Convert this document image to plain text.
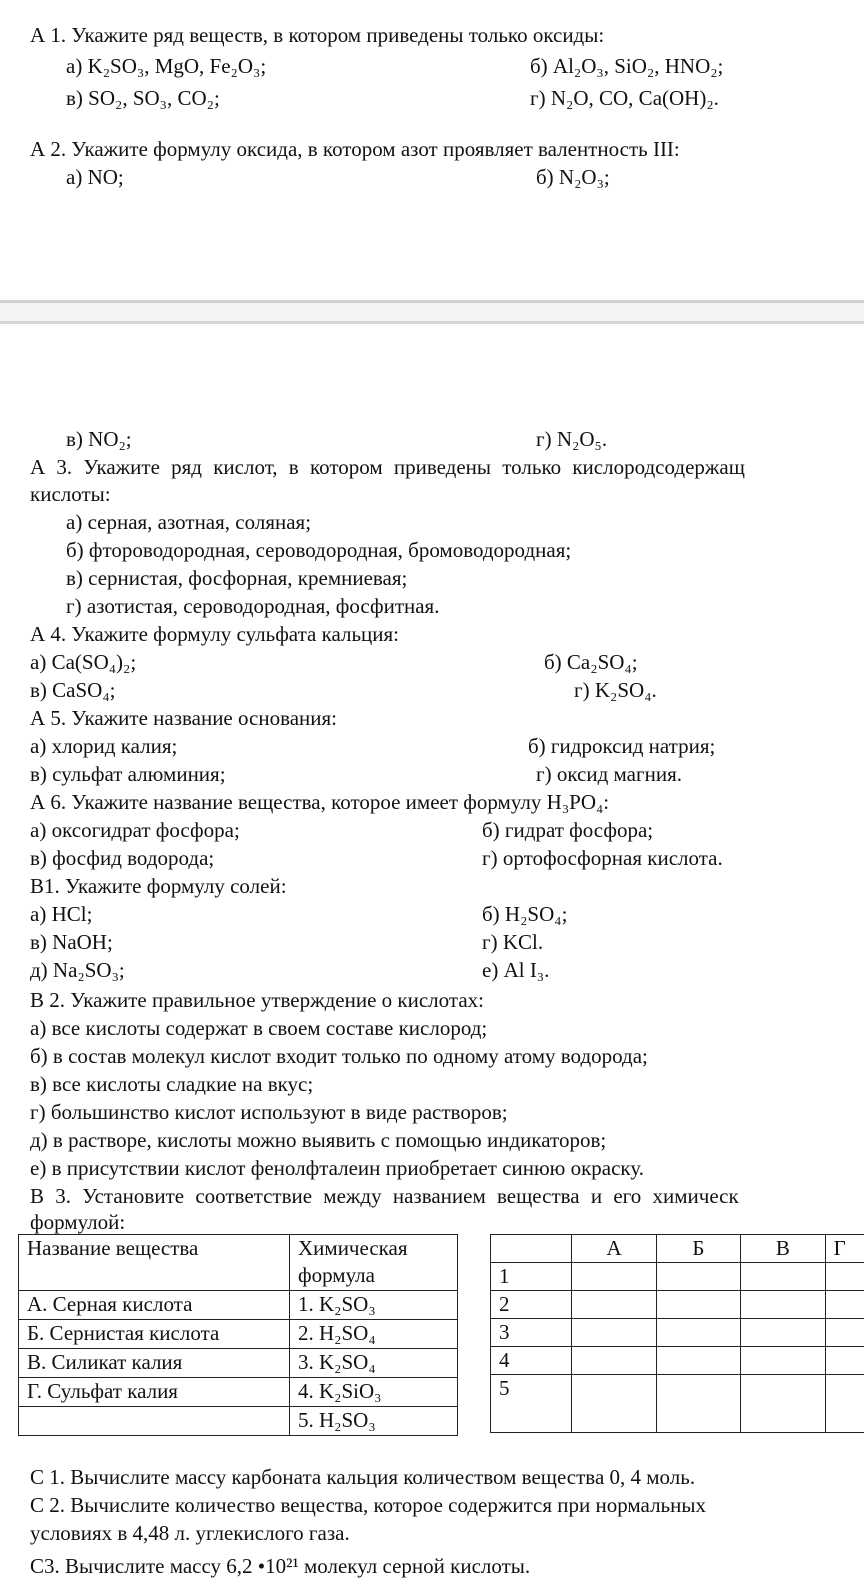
А 1. Укажите ряд веществ, в котором приведены только оксиды:
а) K₂SO₃, MgO, Fe₂O₃;	б) Al₂O₃, SiO₂, HNO₂;
в) SO₂, SO₃, CO₂;	г) N₂O, CO, Ca(OH)₂.
А 2. Укажите формулу оксида, в котором азот проявляет валентность III:
а) NO;	б) N₂O₃;
в) NO₂;	г) N₂O₅.
А 3. Укажите ряд кислот, в котором приведены только кислородсодержащ
кислоты:
а) серная, азотная, соляная;
б) фтороводородная, сероводородная, бромоводородная;
в) сернистая, фосфорная, кремниевая;
г) азотистая, сероводородная, фосфитная.
А 4. Укажите формулу сульфата кальция:
а) Ca(SO₄)₂;	б) Ca₂SO₄;
в) CaSO₄;	г) K₂SO₄.
А 5. Укажите название основания:
а) хлорид калия;	б) гидроксид натрия;
в) сульфат алюминия;	г) оксид магния.
А 6. Укажите название вещества, которое имеет формулу H₃PO₄:
а) оксогидрат фосфора;	б) гидрат фосфора;
в) фосфид водорода;	г) ортофосфорная кислота.
В1. Укажите формулу солей:
а) HCl;	б) H₂SO₄;
в) NaOH;	г) KCl.
д) Na₂SO₃;	е) Al I₃.
В 2. Укажите правильное утверждение о кислотах:
а) все кислоты содержат в своем составе кислород;
б) в состав молекул кислот входит только по одному атому водорода;
в) все кислоты сладкие на вкус;
г) большинство кислот используют в виде растворов;
д) в растворе, кислоты можно выявить с помощью индикаторов;
е) в присутствии кислот фенолфталеин приобретает синюю окраску.
В 3. Установите соответствие между названием вещества и его химическ
формулой:
Название вещества	Химическая
формула
А. Серная кислота	1. K₂SO₃
Б. Сернистая кислота	2. H₂SO₄
В. Силикат калия	3. K₂SO₄
Г. Сульфат калия	4. K₂SiO₃
	5. H₂SO₃
	А	Б	В	Г
1				
2				
3				
4				
5				
С 1. Вычислите массу карбоната кальция количеством вещества 0, 4 моль.
С 2. Вычислите количество вещества, которое содержится при нормальных
условиях в 4,48 л. углекислого газа.
С3. Вычислите массу 6,2 •10²¹ молекул серной кислоты.
